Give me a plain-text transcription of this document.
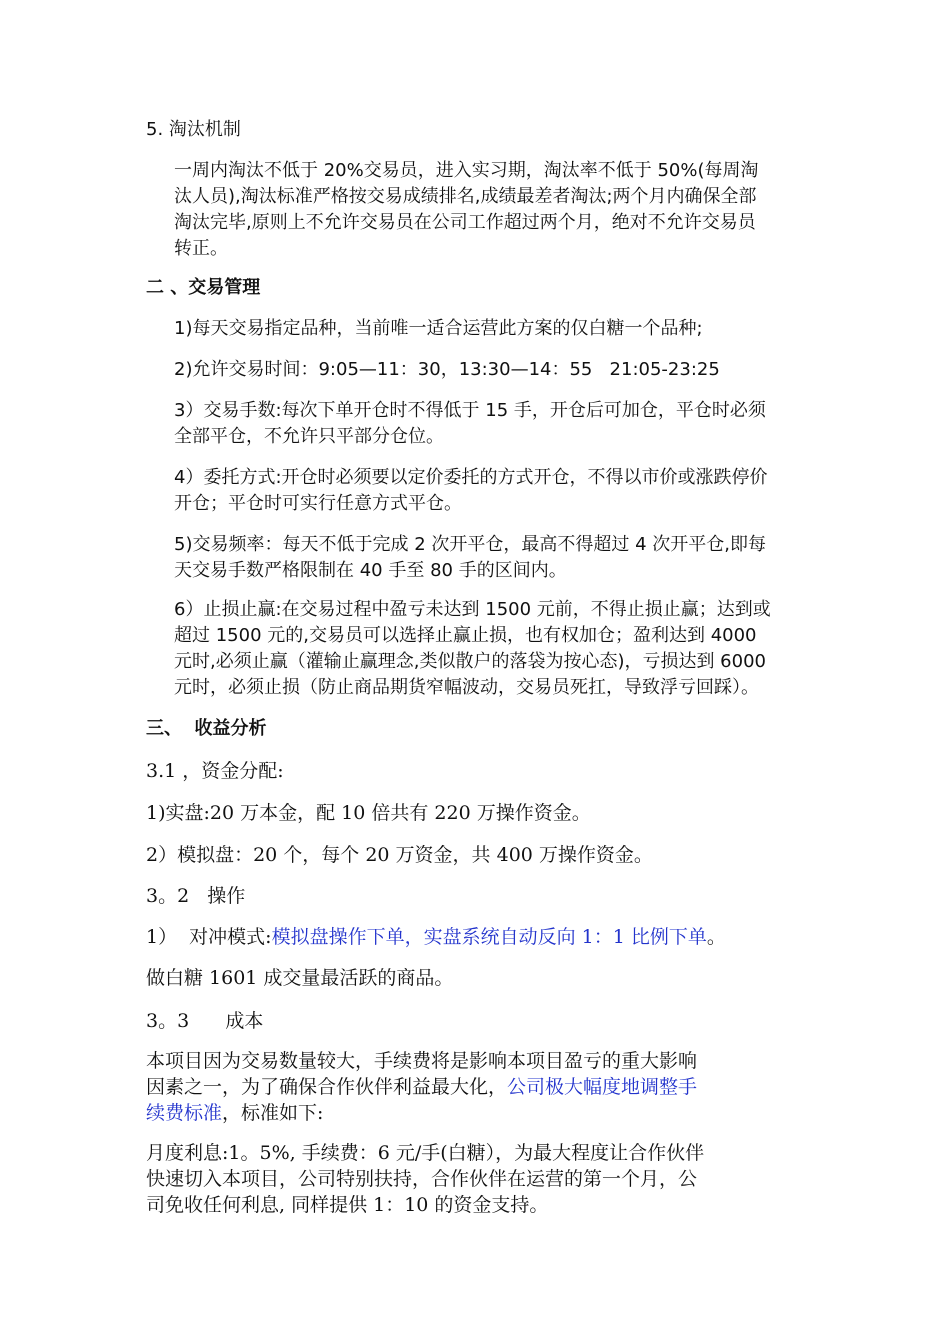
5. 淘汰机制
一周内淘汰不低于 20%交易员，进入实习期，淘汰率不低于 50%(每周淘
汰人员),淘汰标准严格按交易成绩排名,成绩最差者淘汰;两个月内确保全部
淘汰完毕,原则上不允许交易员在公司工作超过两个月，绝对不允许交易员
转正。
二 、交易管理
1)每天交易指定品种，当前唯一适合运营此方案的仅白糖一个品种;
2)允许交易时间：9:05—11：30，13:30—14：55   21:05-23:25
3）交易手数:每次下单开仓时不得低于 15 手，开仓后可加仓，平仓时必须
全部平仓，不允许只平部分仓位。
4）委托方式:开仓时必须要以定价委托的方式开仓，不得以市价或涨跌停价
开仓；平仓时可实行任意方式平仓。
5)交易频率：每天不低于完成 2 次开平仓，最高不得超过 4 次开平仓,即每
天交易手数严格限制在 40 手至 80 手的区间内。
6）止损止赢:在交易过程中盈亏未达到 1500 元前，不得止损止赢；达到或
超过 1500 元的,交易员可以选择止赢止损，也有权加仓；盈利达到 4000
元时,必须止赢（灌输止赢理念,类似散户的落袋为按心态)，亏损达到 6000
元时，必须止损（防止商品期货窄幅波动，交易员死扛，导致浮亏回踩）。
三、  收益分析
3.1 ，资金分配:
1)实盘:20 万本金，配 10 倍共有 220 万操作资金。
2）模拟盘：20 个，每个 20 万资金，共 400 万操作资金。
3。2   操作
1）  对冲模式:模拟盘操作下单，实盘系统自动反向 1：1 比例下单。
做白糖 1601 成交量最活跃的商品。
3。3      成本
本项目因为交易数量较大，手续费将是影响本项目盈亏的重大影响
因素之一，为了确保合作伙伴利益最大化，公司极大幅度地调整手
续费标准，标准如下:
月度利息:1。5%, 手续费：6 元/手(白糖），为最大程度让合作伙伴
快速切入本项目，公司特别扶持，合作伙伴在运营的第一个月，公
司免收任何利息, 同样提供 1：10 的资金支持。
